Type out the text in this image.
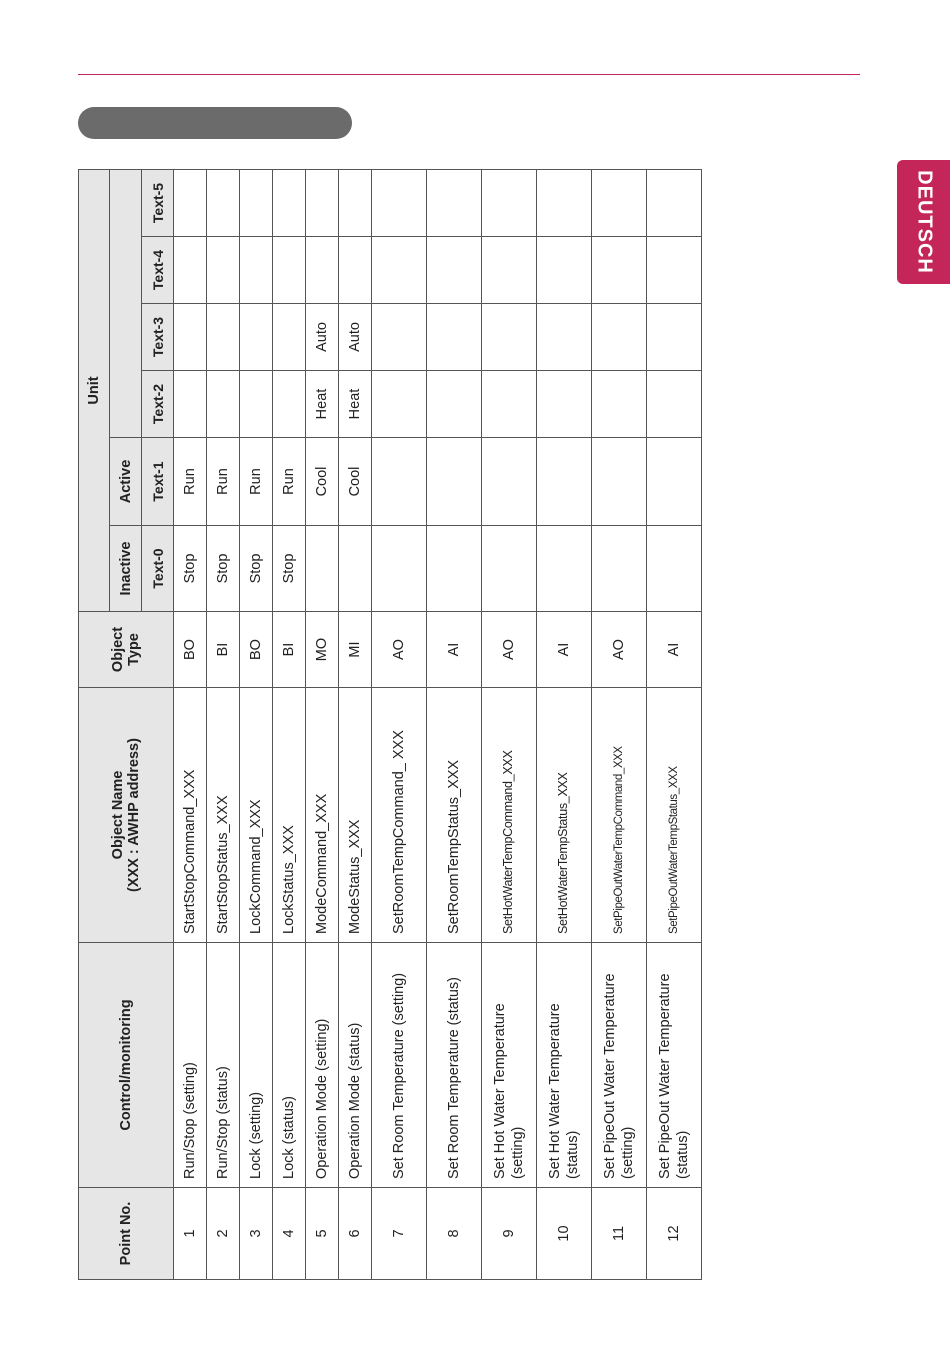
DEUTSCH
Point No.	Control/monitoring	Object Name (XXX : AWHP address)	Object Type	Unit					
				Inactive	Active				
				Text-0	Text-1	Text-2	Text-3	Text-4	Text-5
1	Run/Stop (setting)	StartStopCommand_XXX	BO	Stop	Run				
2	Run/Stop (status)	StartStopStatus_XXX	BI	Stop	Run				
3	Lock (setting)	LockCommand_XXX	BO	Stop	Run				
4	Lock (status)	LockStatus_XXX	BI	Stop	Run				
5	Operation Mode (setting)	ModeCommand_XXX	MO		Cool	Heat	Auto		
6	Operation Mode (status)	ModeStatus_XXX	MI		Cool	Heat	Auto		
7	Set Room Temperature (setting)	SetRoomTempCommand_ XXX	AO						
8	Set Room Temperature (status)	SetRoomTempStatus_XXX	AI						
9	Set Hot Water Temperature (setting)	SetHotWaterTempCommand_XXX	AO						
10	Set Hot Water Temperature (status)	SetHotWaterTempStatus_XXX	AI						
11	Set PipeOut Water Temperature (setting)	SetPipeOutWaterTempCommand_XXX	AO						
12	Set PipeOut Water Temperature (status)	SetPipeOutWaterTempStatus_XXX	AI						
